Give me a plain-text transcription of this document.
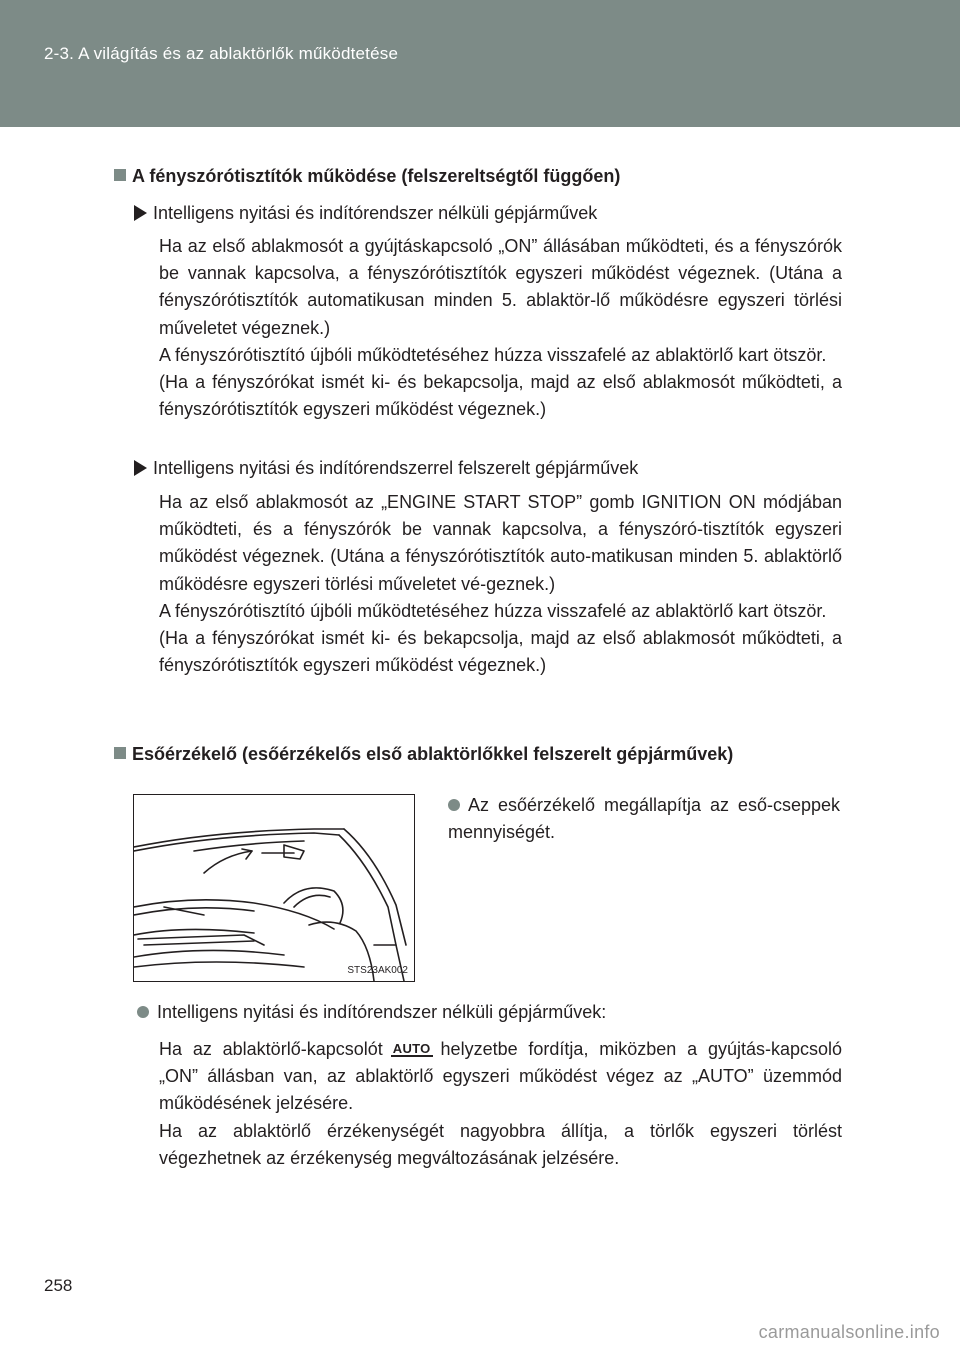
2-3. A világítás és az ablaktörlők működtetése
A fényszórótisztítók működése (felszereltségtől függően)
Intelligens nyitási és indítórendszer nélküli gépjárművek

Ha az első ablakmosót a gyújtáskapcsoló „ON” állásában működteti, és a fényszórók be vannak kapcsolva, a fényszórótisztítók egyszeri működést végeznek. (Utána a fényszórótisztítók automatikusan minden 5. ablaktör-lő működésre egyszeri törlési műveletet végeznek.)

A fényszórótisztító újbóli működtetéséhez húzza visszafelé az ablaktörlő kart ötször.

(Ha a fényszórókat ismét ki- és bekapcsolja, majd az első ablakmosót működteti, a fényszórótisztítók egyszeri működést végeznek.)

Intelligens nyitási és indítórendszerrel felszerelt gépjárművek

Ha az első ablakmosót az „ENGINE START STOP” gomb IGNITION ON módjában működteti, és a fényszórók be vannak kapcsolva, a fényszóró-tisztítók egyszeri működést végeznek. (Utána a fényszórótisztítók auto-matikusan minden 5. ablaktörlő működésre egyszeri törlési műveletet vé-geznek.)

A fényszórótisztító újbóli működtetéséhez húzza visszafelé az ablaktörlő kart ötször.

(Ha a fényszórókat ismét ki- és bekapcsolja, majd az első ablakmosót működteti, a fényszórótisztítók egyszeri működést végeznek.)

Esőérzékelő (esőérzékelős első ablaktörlőkkel felszerelt gépjárművek)
STS23AK002
Az esőérzékelő megállapítja az eső-cseppek mennyiségét.
Intelligens nyitási és indítórendszer nélküli gépjárművek:

Ha az ablaktörlő-kapcsolót AUTO helyzetbe fordítja, miközben a gyújtás-kapcsoló „ON” állásban van, az ablaktörlő egyszeri működést végez az „AUTO” üzemmód működésének jelzésére.

Ha az ablaktörlő érzékenységét nagyobbra állítja, a törlők egyszeri törlést végezhetnek az érzékenység megváltozásának jelzésére.

258
carmanualsonline.info
